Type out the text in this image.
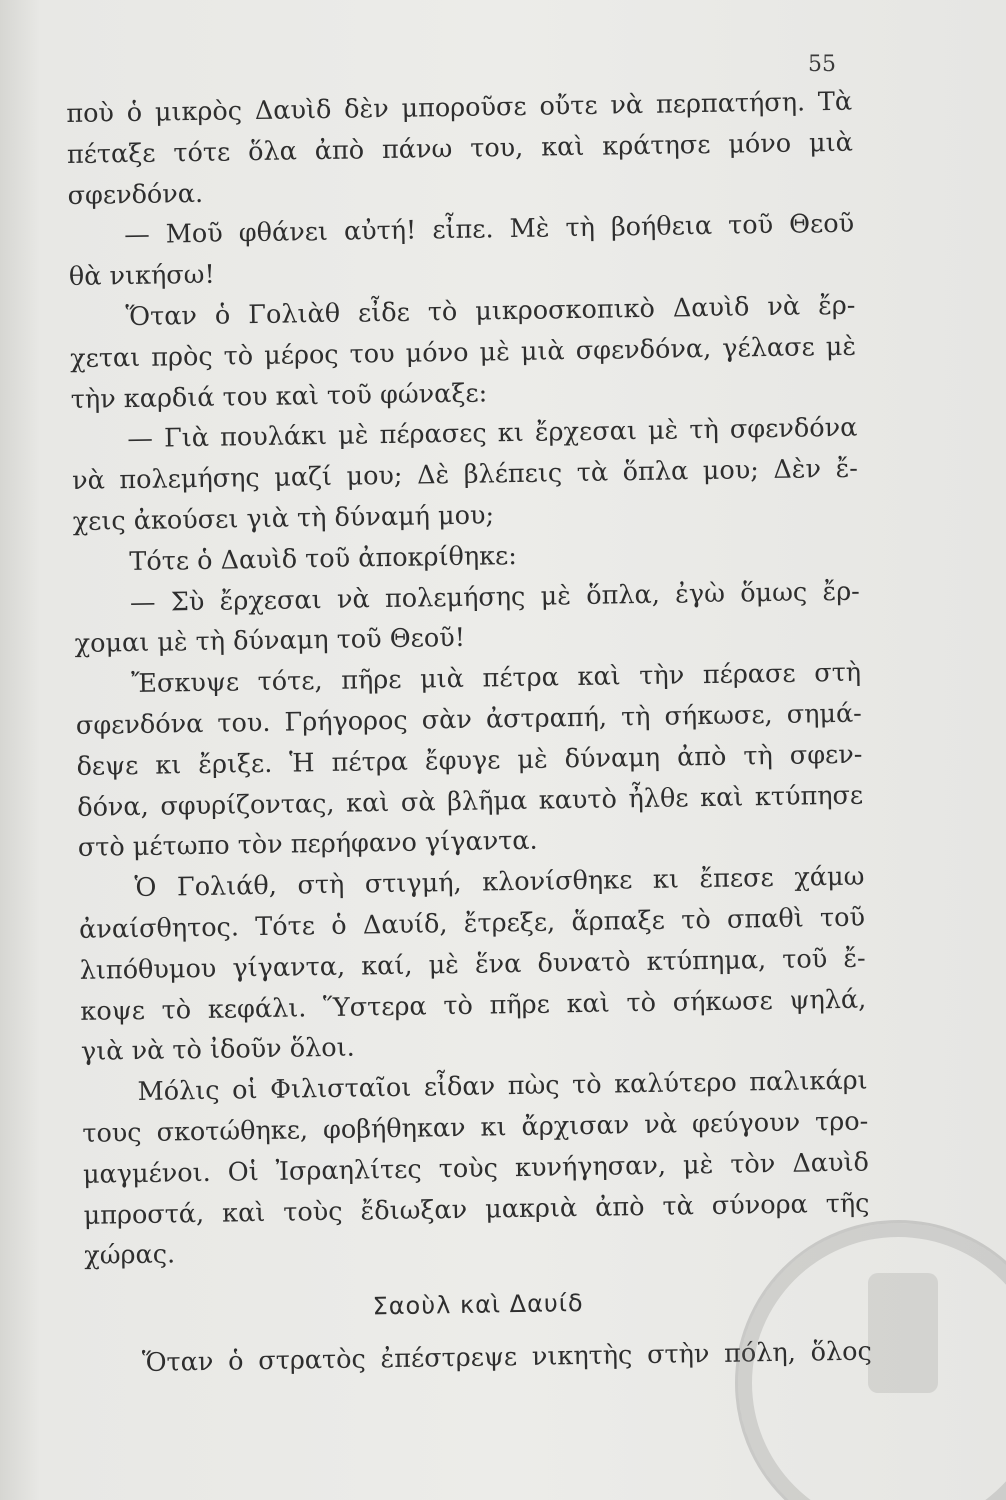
55
ποὺ ὁ μικρὸς Δαυὶδ δὲν μποροῦσε οὔτε νὰ περπατήση. Τὰ
πέταξε τότε ὅλα ἀπὸ πάνω του, καὶ κράτησε μόνο μιὰ
σφενδόνα.
— Μοῦ φθάνει αὐτή! εἶπε. Μὲ τὴ βοήθεια τοῦ Θεοῦ
θὰ νικήσω!
Ὅταν ὁ Γολιὰθ εἶδε τὸ μικροσκοπικὸ Δαυὶδ νὰ ἔρ-
χεται πρὸς τὸ μέρος του μόνο μὲ μιὰ σφενδόνα, γέλασε μὲ
τὴν καρδιά του καὶ τοῦ φώναξε:
— Γιὰ πουλάκι μὲ πέρασες κι ἔρχεσαι μὲ τὴ σφενδόνα
νὰ πολεμήσης μαζί μου; Δὲ βλέπεις τὰ ὅπλα μου; Δὲν ἔ-
χεις ἀκούσει γιὰ τὴ δύναμή μου;
Τότε ὁ Δαυὶδ τοῦ ἀποκρίθηκε:
— Σὺ ἔρχεσαι νὰ πολεμήσης μὲ ὅπλα, ἐγὼ ὅμως ἔρ-
χομαι μὲ τὴ δύναμη τοῦ Θεοῦ!
Ἔσκυψε τότε, πῆρε μιὰ πέτρα καὶ τὴν πέρασε στὴ
σφενδόνα του. Γρήγορος σὰν ἀστραπή, τὴ σήκωσε, σημά-
δεψε κι ἔριξε. Ἡ πέτρα ἔφυγε μὲ δύναμη ἀπὸ τὴ σφεν-
δόνα, σφυρίζοντας, καὶ σὰ βλῆμα καυτὸ ἦλθε καὶ κτύπησε
στὸ μέτωπο τὸν περήφανο γίγαντα.
Ὁ Γολιάθ, στὴ στιγμή, κλονίσθηκε κι ἔπεσε χάμω
ἀναίσθητος. Τότε ὁ Δαυίδ, ἔτρεξε, ἅρπαξε τὸ σπαθὶ τοῦ
λιπόθυμου γίγαντα, καί, μὲ ἕνα δυνατὸ κτύπημα, τοῦ ἔ-
κοψε τὸ κεφάλι. Ὕστερα τὸ πῆρε καὶ τὸ σήκωσε ψηλά,
γιὰ νὰ τὸ ἰδοῦν ὅλοι.
Μόλις οἱ Φιλισταῖοι εἶδαν πὼς τὸ καλύτερο παλικάρι
τους σκοτώθηκε, φοβήθηκαν κι ἄρχισαν νὰ φεύγουν τρο-
μαγμένοι. Οἱ Ἰσραηλίτες τοὺς κυνήγησαν, μὲ τὸν Δαυὶδ
μπροστά, καὶ τοὺς ἔδιωξαν μακριὰ ἀπὸ τὰ σύνορα τῆς
χώρας.
Σαοὺλ καὶ Δαυίδ
Ὅταν ὁ στρατὸς ἐπέστρεψε νικητὴς στὴν πόλη, ὅλος
